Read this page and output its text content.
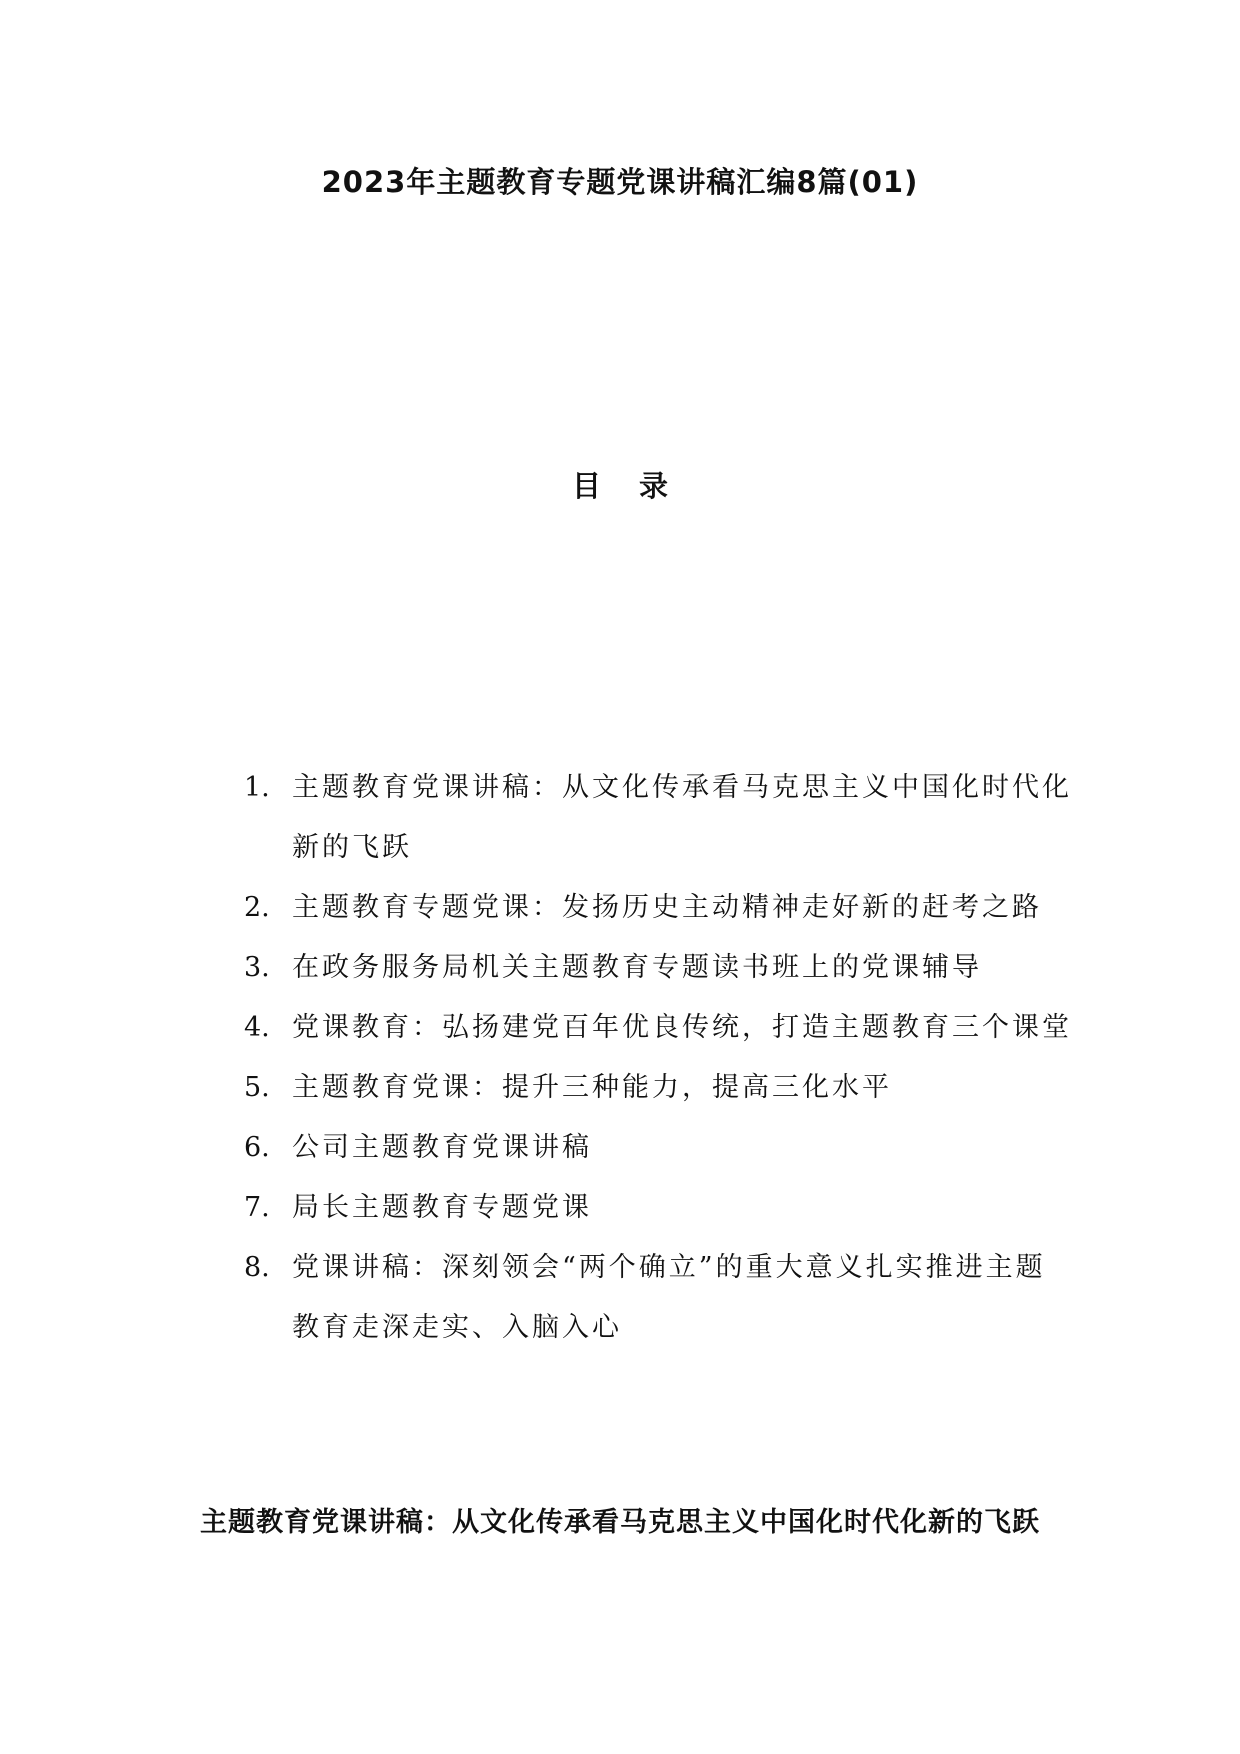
2023年主题教育专题党课讲稿汇编8篇(01)
目录
1. 主题教育党课讲稿：从文化传承看马克思主义中国化时代化新的飞跃
2. 主题教育专题党课：发扬历史主动精神走好新的赶考之路
3. 在政务服务局机关主题教育专题读书班上的党课辅导
4. 党课教育：弘扬建党百年优良传统，打造主题教育三个课堂
5. 主题教育党课：提升三种能力，提高三化水平
6. 公司主题教育党课讲稿
7. 局长主题教育专题党课
8. 党课讲稿：深刻领会“两个确立”的重大意义扎实推进主题教育走深走实、入脑入心
主题教育党课讲稿：从文化传承看马克思主义中国化时代化新的飞跃
